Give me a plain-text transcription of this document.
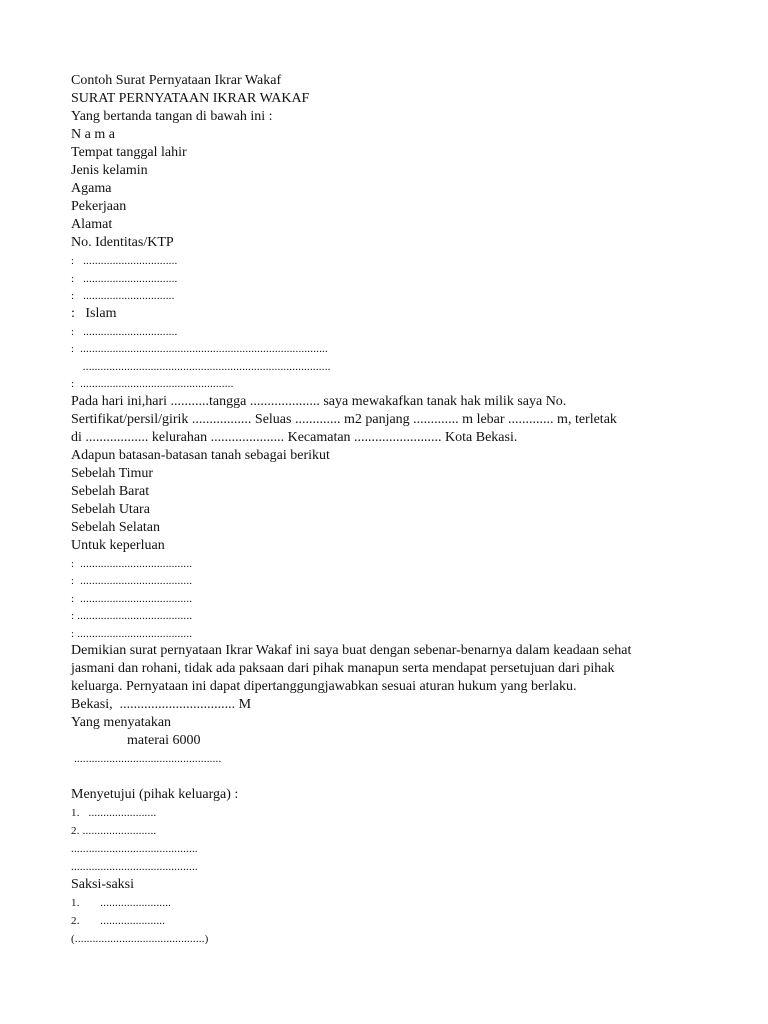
Contoh Surat Pernyataan Ikrar Wakaf
SURAT PERNYATAAN IKRAR WAKAF
Yang bertanda tangan di bawah ini :
N a m a
Tempat tanggal lahir
Jenis kelamin
Agama
Pekerjaan
Alamat
No. Identitas/KTP
:   ................................
:   ................................
:   ...............................
:   Islam
:   ................................
:  ....................................................................................
....................................................................................
:  ....................................................
Pada hari ini,hari ...........tangga .................... saya mewakafkan tanak hak milik saya No.
Sertifikat/persil/girik ................. Seluas ............. m2 panjang ............. m lebar ............. m, terletak
di .................. kelurahan ..................... Kecamatan ......................... Kota Bekasi.
Adapun batasan-batasan tanah sebagai berikut
Sebelah Timur
Sebelah Barat
Sebelah Utara
Sebelah Selatan
Untuk keperluan
:  ......................................
:  ......................................
:  ......................................
: .......................................
: .......................................
Demikian surat pernyataan Ikrar Wakaf ini saya buat dengan sebenar-benarnya dalam keadaan sehat
jasmani dan rohani, tidak ada paksaan dari pihak manapun serta mendapat persetujuan dari pihak
keluarga. Pernyataan ini dapat dipertanggungjawabkan sesuai aturan hukum yang berlaku.
Bekasi,  ................................. M
Yang menyatakan
materai 6000
..................................................
Menyetujui (pihak keluarga) :
1.   .......................
2. .........................
...........................................
...........................................
Saksi-saksi
1.       ........................
2.       ......................
(............................................)
